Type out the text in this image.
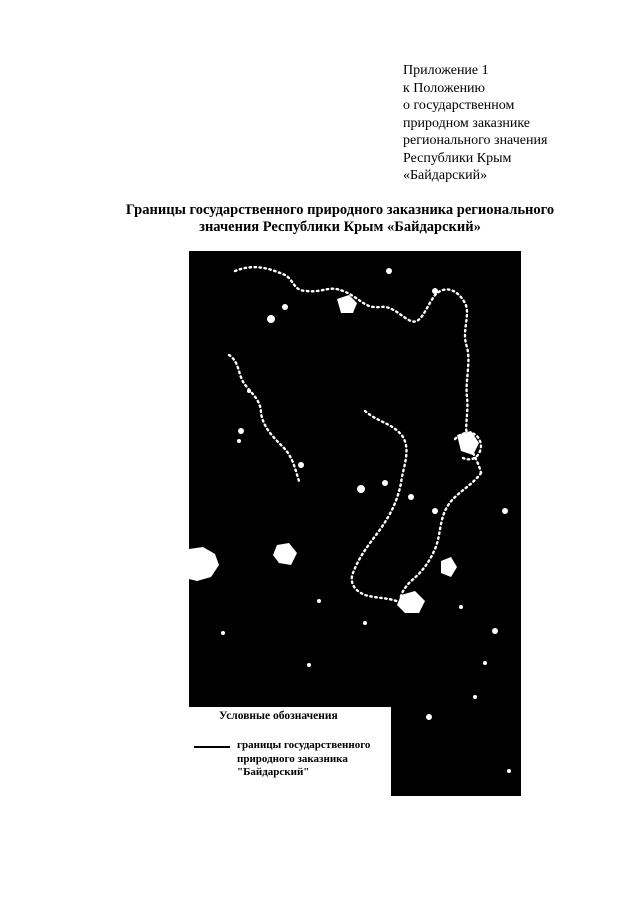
Приложение 1
к Положению
о государственном
природном заказнике
регионального значения
Республики Крым
«Байдарский»
Границы государственного природного заказника регионального
значения Республики Крым «Байдарский»
Условные обозначения
границы государственного
природного заказника
"Байдарский"
